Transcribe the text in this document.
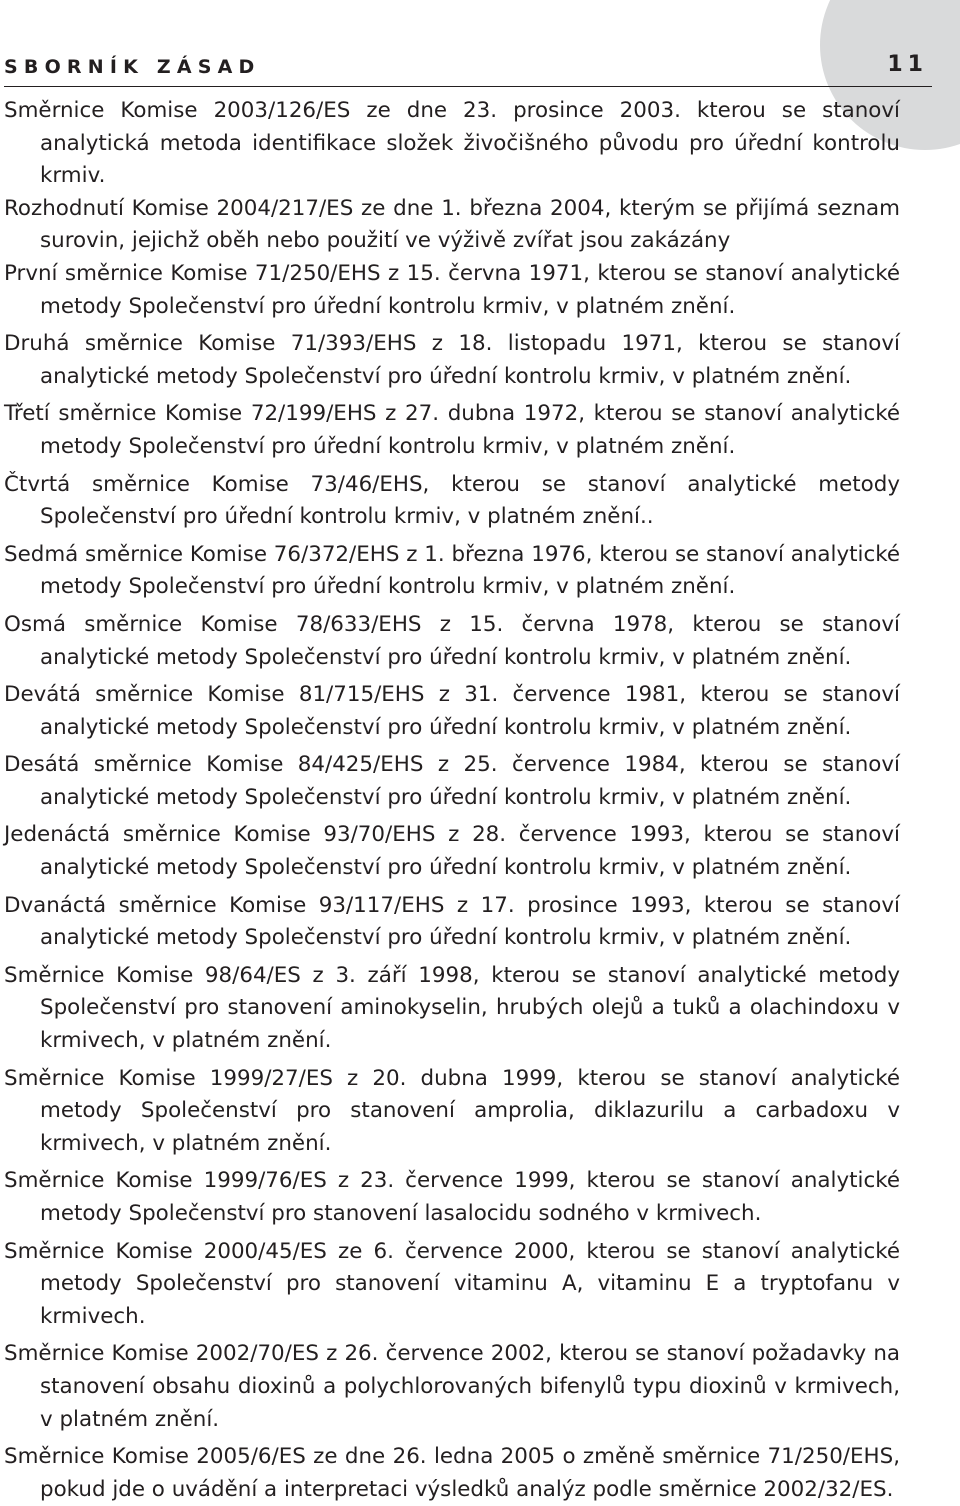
SBORNÍK ZÁSAD	11
Směrnice Komise 2003/126/ES ze dne 23. prosince 2003. kterou se stanoví analytická metoda identifikace složek živočišného původu pro úřední kontrolu krmiv.
Rozhodnutí Komise 2004/217/ES ze dne 1. března 2004, kterým se přijímá seznam surovin, jejichž oběh nebo použití ve výživě zvířat jsou zakázány
První směrnice Komise 71/250/EHS z 15. června 1971, kterou se stanoví analytické metody Společenství pro úřední kontrolu krmiv, v platném znění.
Druhá směrnice Komise 71/393/EHS z 18. listopadu 1971, kterou se stanoví analytické metody Společenství pro úřední kontrolu krmiv, v platném znění.
Třetí směrnice Komise 72/199/EHS z 27. dubna 1972, kterou se stanoví analytické metody Společenství pro úřední kontrolu krmiv, v platném znění.
Čtvrtá směrnice Komise 73/46/EHS, kterou se stanoví analytické metody Společenství pro úřední kontrolu krmiv, v platném znění..
Sedmá směrnice Komise 76/372/EHS z 1. března 1976, kterou se stanoví analytické metody Společenství pro úřední kontrolu krmiv, v platném znění.
Osmá směrnice Komise 78/633/EHS z 15. června 1978, kterou se stanoví analytické metody Společenství pro úřední kontrolu krmiv, v platném znění.
Devátá směrnice Komise 81/715/EHS z 31. července 1981, kterou se stanoví analytické metody Společenství pro úřední kontrolu krmiv, v platném znění.
Desátá směrnice Komise 84/425/EHS z 25. července 1984, kterou se stanoví analytické metody Společenství pro úřední kontrolu krmiv, v platném znění.
Jedenáctá směrnice Komise 93/70/EHS z 28. července 1993, kterou se stanoví analytické metody Společenství pro úřední kontrolu krmiv, v platném znění.
Dvanáctá směrnice Komise 93/117/EHS z 17. prosince 1993, kterou se stanoví analytické metody Společenství pro úřední kontrolu krmiv, v platném znění.
Směrnice Komise 98/64/ES z 3. září 1998, kterou se stanoví analytické metody Společenství pro stanovení aminokyselin, hrubých olejů a tuků a olachindoxu v krmivech, v platném znění.
Směrnice Komise 1999/27/ES z 20. dubna 1999, kterou se stanoví analytické metody Společenství pro stanovení amprolia, diklazurilu a carbadoxu v krmivech, v platném znění.
Směrnice Komise 1999/76/ES z 23. července 1999, kterou se stanoví analytické metody Společenství pro stanovení lasalocidu sodného v krmivech.
Směrnice Komise 2000/45/ES ze 6. července 2000, kterou se stanoví analytické metody Společenství pro stanovení vitaminu A, vitaminu E a tryptofanu v krmivech.
Směrnice Komise 2002/70/ES z 26. července 2002, kterou se stanoví požadavky na stanovení obsahu dioxinů a polychlorovaných bifenylů typu dioxinů v krmivech, v platném znění.
Směrnice Komise 2005/6/ES ze dne 26. ledna 2005 o změně směrnice 71/250/EHS, pokud jde o uvádění a interpretaci výsledků analýz podle směrnice 2002/32/ES.
